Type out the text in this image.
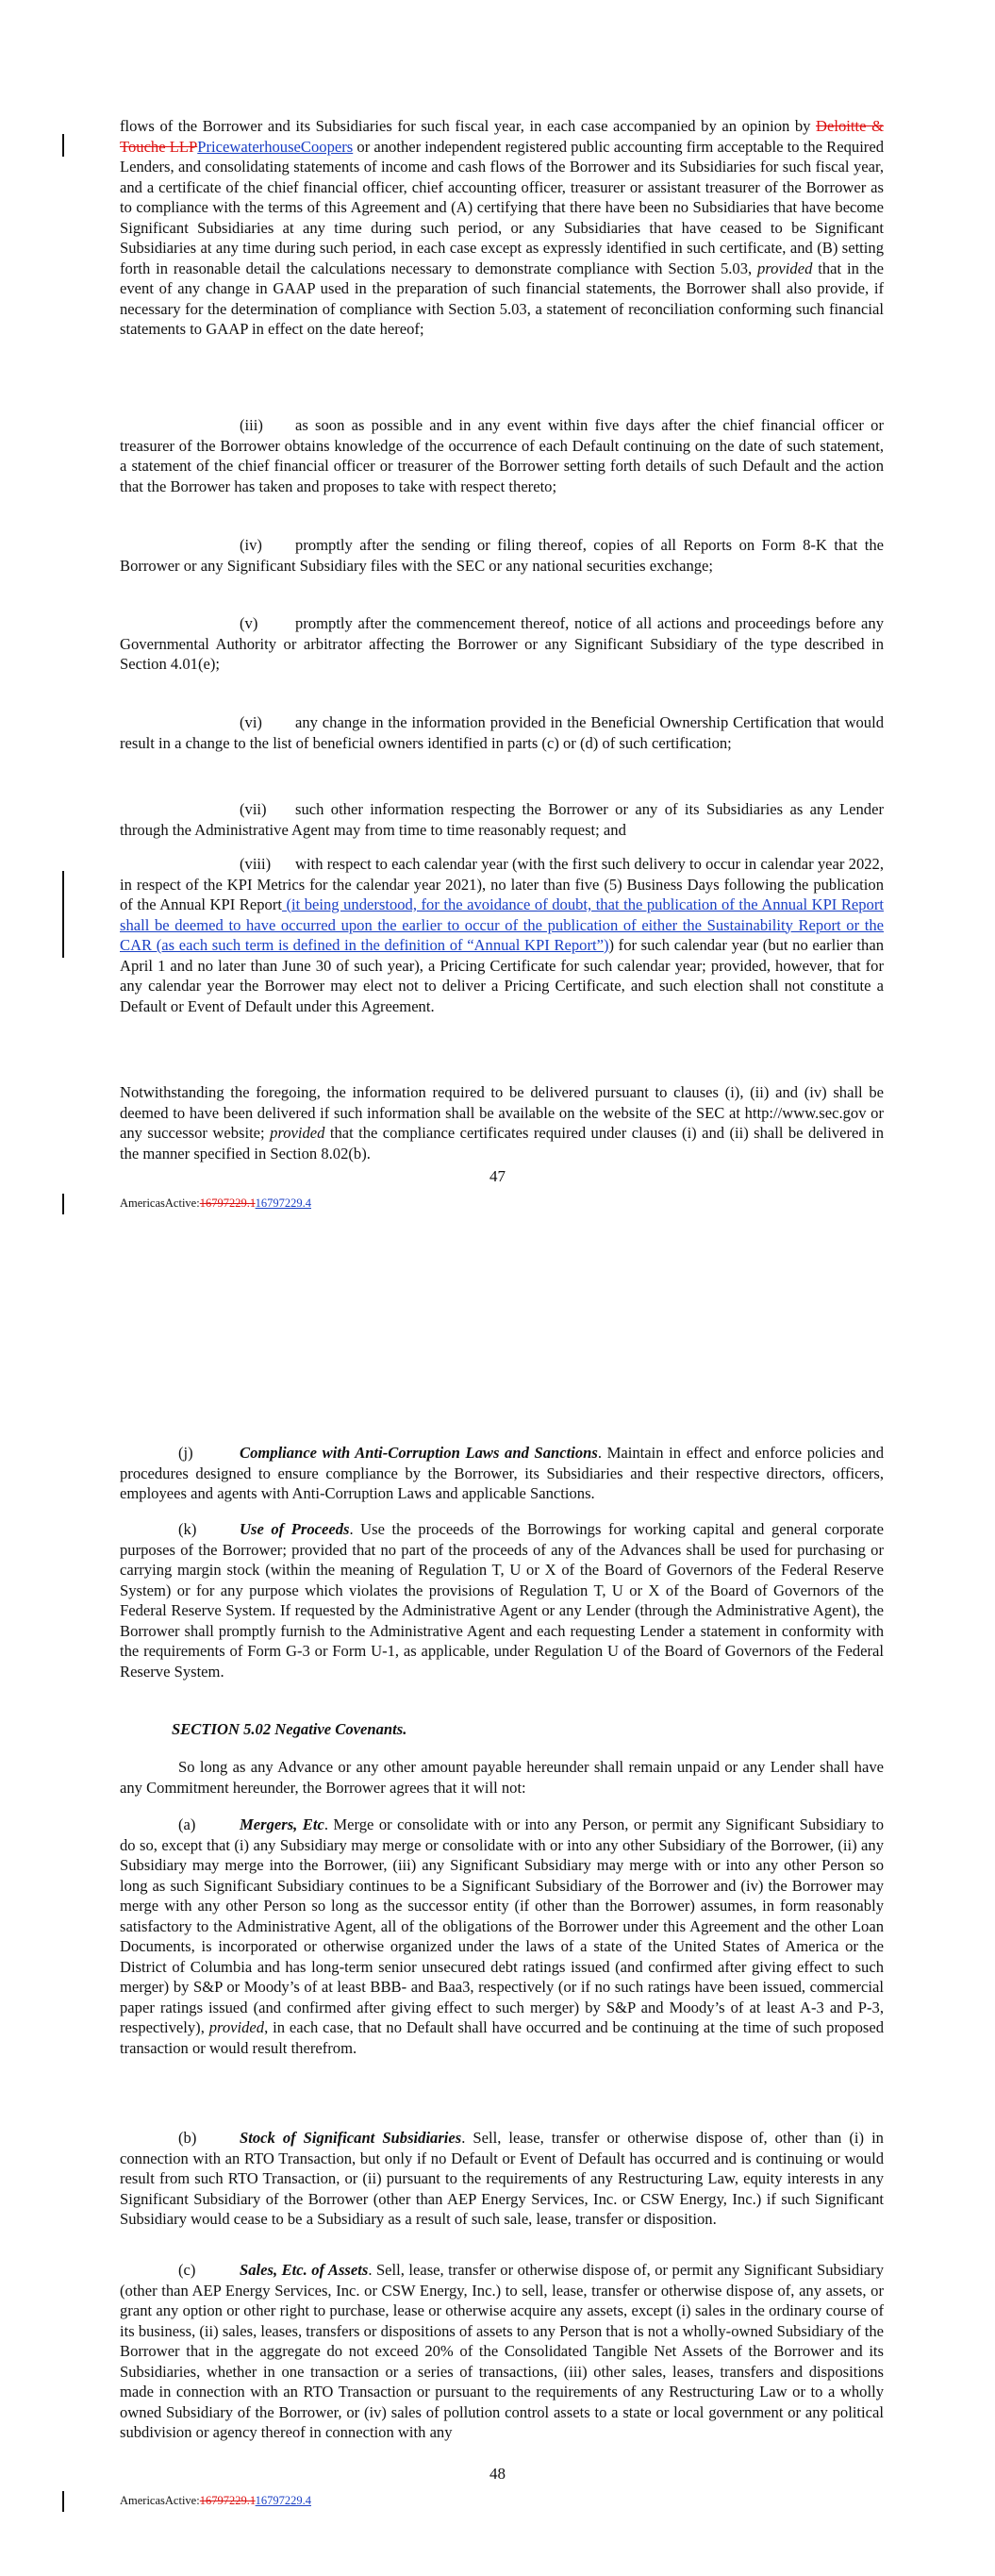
flows of the Borrower and its Subsidiaries for such fiscal year, in each case accompanied by an opinion by Deloitte & Touche LLPPricewaterhouseCoopers or another independent registered public accounting firm acceptable to the Required Lenders, and consolidating statements of income and cash flows of the Borrower and its Subsidiaries for such fiscal year, and a certificate of the chief financial officer, chief accounting officer, treasurer or assistant treasurer of the Borrower as to compliance with the terms of this Agreement and (A) certifying that there have been no Subsidiaries that have become Significant Subsidiaries at any time during such period, or any Subsidiaries that have ceased to be Significant Subsidiaries at any time during such period, in each case except as expressly identified in such certificate, and (B) setting forth in reasonable detail the calculations necessary to demonstrate compliance with Section 5.03, provided that in the event of any change in GAAP used in the preparation of such financial statements, the Borrower shall also provide, if necessary for the determination of compliance with Section 5.03, a statement of reconciliation conforming such financial statements to GAAP in effect on the date hereof;

(iii) as soon as possible and in any event within five days after the chief financial officer or treasurer of the Borrower obtains knowledge of the occurrence of each Default continuing on the date of such statement, a statement of the chief financial officer or treasurer of the Borrower setting forth details of such Default and the action that the Borrower has taken and proposes to take with respect thereto;

(iv) promptly after the sending or filing thereof, copies of all Reports on Form 8-K that the Borrower or any Significant Subsidiary files with the SEC or any national securities exchange;

(v) promptly after the commencement thereof, notice of all actions and proceedings before any Governmental Authority or arbitrator affecting the Borrower or any Significant Subsidiary of the type described in Section 4.01(e);

(vi) any change in the information provided in the Beneficial Ownership Certification that would result in a change to the list of beneficial owners identified in parts (c) or (d) of such certification;

(vii) such other information respecting the Borrower or any of its Subsidiaries as any Lender through the Administrative Agent may from time to time reasonably request; and

(viii) with respect to each calendar year (with the first such delivery to occur in calendar year 2022, in respect of the KPI Metrics for the calendar year 2021), no later than five (5) Business Days following the publication of the Annual KPI Report (it being understood, for the avoidance of doubt, that the publication of the Annual KPI Report shall be deemed to have occurred upon the earlier to occur of the publication of either the Sustainability Report or the CAR (as each such term is defined in the definition of “Annual KPI Report”)) for such calendar year (but no earlier than April 1 and no later than June 30 of such year), a Pricing Certificate for such calendar year; provided, however, that for any calendar year the Borrower may elect not to deliver a Pricing Certificate, and such election shall not constitute a Default or Event of Default under this Agreement.

Notwithstanding the foregoing, the information required to be delivered pursuant to clauses (i), (ii) and (iv) shall be deemed to have been delivered if such information shall be available on the website of the SEC at http://www.sec.gov or any successor website; provided that the compliance certificates required under clauses (i) and (ii) shall be delivered in the manner specified in Section 8.02(b).

47
AmericasActive:16797229.116797229.4

(j)	Compliance with Anti-Corruption Laws and Sanctions. Maintain in effect and enforce policies and procedures designed to ensure compliance by the Borrower, its Subsidiaries and their respective directors, officers, employees and agents with Anti-Corruption Laws and applicable Sanctions.

(k)	Use of Proceeds. Use the proceeds of the Borrowings for working capital and general corporate purposes of the Borrower; provided that no part of the proceeds of any of the Advances shall be used for purchasing or carrying margin stock (within the meaning of Regulation T, U or X of the Board of Governors of the Federal Reserve System) or for any purpose which violates the provisions of Regulation T, U or X of the Board of Governors of the Federal Reserve System. If requested by the Administrative Agent or any Lender (through the Administrative Agent), the Borrower shall promptly furnish to the Administrative Agent and each requesting Lender a statement in conformity with the requirements of Form G-3 or Form U-1, as applicable, under Regulation U of the Board of Governors of the Federal Reserve System.

SECTION 5.02 Negative Covenants.

So long as any Advance or any other amount payable hereunder shall remain unpaid or any Lender shall have any Commitment hereunder, the Borrower agrees that it will not:

(a)	Mergers, Etc. Merge or consolidate with or into any Person, or permit any Significant Subsidiary to do so, except that (i) any Subsidiary may merge or consolidate with or into any other Subsidiary of the Borrower, (ii) any Subsidiary may merge into the Borrower, (iii) any Significant Subsidiary may merge with or into any other Person so long as such Significant Subsidiary continues to be a Significant Subsidiary of the Borrower and (iv) the Borrower may merge with any other Person so long as the successor entity (if other than the Borrower) assumes, in form reasonably satisfactory to the Administrative Agent, all of the obligations of the Borrower under this Agreement and the other Loan Documents, is incorporated or otherwise organized under the laws of a state of the United States of America or the District of Columbia and has long-term senior unsecured debt ratings issued (and confirmed after giving effect to such merger) by S&P or Moody’s of at least BBB- and Baa3, respectively (or if no such ratings have been issued, commercial paper ratings issued (and confirmed after giving effect to such merger) by S&P and Moody’s of at least A-3 and P-3, respectively), provided, in each case, that no Default shall have occurred and be continuing at the time of such proposed transaction or would result therefrom.

(b)	Stock of Significant Subsidiaries. Sell, lease, transfer or otherwise dispose of, other than (i) in connection with an RTO Transaction, but only if no Default or Event of Default has occurred and is continuing or would result from such RTO Transaction, or (ii) pursuant to the requirements of any Restructuring Law, equity interests in any Significant Subsidiary of the Borrower (other than AEP Energy Services, Inc. or CSW Energy, Inc.) if such Significant Subsidiary would cease to be a Subsidiary as a result of such sale, lease, transfer or disposition.

(c)	Sales, Etc. of Assets. Sell, lease, transfer or otherwise dispose of, or permit any Significant Subsidiary (other than AEP Energy Services, Inc. or CSW Energy, Inc.) to sell, lease, transfer or otherwise dispose of, any assets, or grant any option or other right to purchase, lease or otherwise acquire any assets, except (i) sales in the ordinary course of its business, (ii) sales, leases, transfers or dispositions of assets to any Person that is not a wholly-owned Subsidiary of the Borrower that in the aggregate do not exceed 20% of the Consolidated Tangible Net Assets of the Borrower and its Subsidiaries, whether in one transaction or a series of transactions, (iii) other sales, leases, transfers and dispositions made in connection with an RTO Transaction or pursuant to the requirements of any Restructuring Law or to a wholly owned Subsidiary of the Borrower, or (iv) sales of pollution control assets to a state or local government or any political subdivision or agency thereof in connection with any

48
AmericasActive:16797229.116797229.4
